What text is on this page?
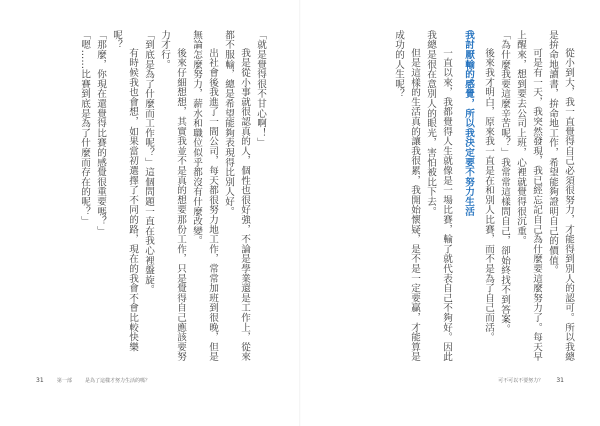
「就是覺得很不甘心啊！」

我是從小事就很認真的人，個性也很好強，不論是學業還是工作上，從來都不服輸，總是希望能夠表現得比別人好。

出社會後我進了一間公司，每天都很努力地工作，常常加班到很晚，但是無論怎麼努力，薪水和職位似乎都沒有什麼改變。

後來仔細想想，其實我並不是真的想要那份工作，只是覺得自己應該要努力才行。

「到底是為了什麼而工作呢？」這個問題一直在我心裡盤旋。

有時候我也會想，如果當初選擇了不同的路，現在的我會不會比較快樂呢？

「那麼，你現在還覺得比賽的感覺很重要嗎？」

「嗯……比賽到底是為了什麼而存在的呢？」

31	第一部	是為了這樣才努力生活的嗎？

從小到大，我一直覺得自己必須很努力，才能得到別人的認可。所以我總是拚命地讀書，拚命地工作，希望能夠證明自己的價值。

可是有一天，我突然發現，我已經忘記自己為什麼要這麼努力了。每天早上醒來，想到要去公司上班，心裡就覺得很沉重。

「為什麼我要這麼辛苦呢？」我常常這樣問自己，卻始終找不到答案。

後來我才明白，原來我一直是在和別人比賽，而不是為了自己而活。

我討厭輸的感覺，所以我決定要不努力生活

一直以來，我都覺得人生就像是一場比賽，輸了就代表自己不夠好。因此我總是很在意別人的眼光，害怕被比下去。

但是這樣的生活真的讓我很累，我開始懷疑，是不是一定要贏，才能算是成功的人生呢？

可不可以不要努力？ 31
